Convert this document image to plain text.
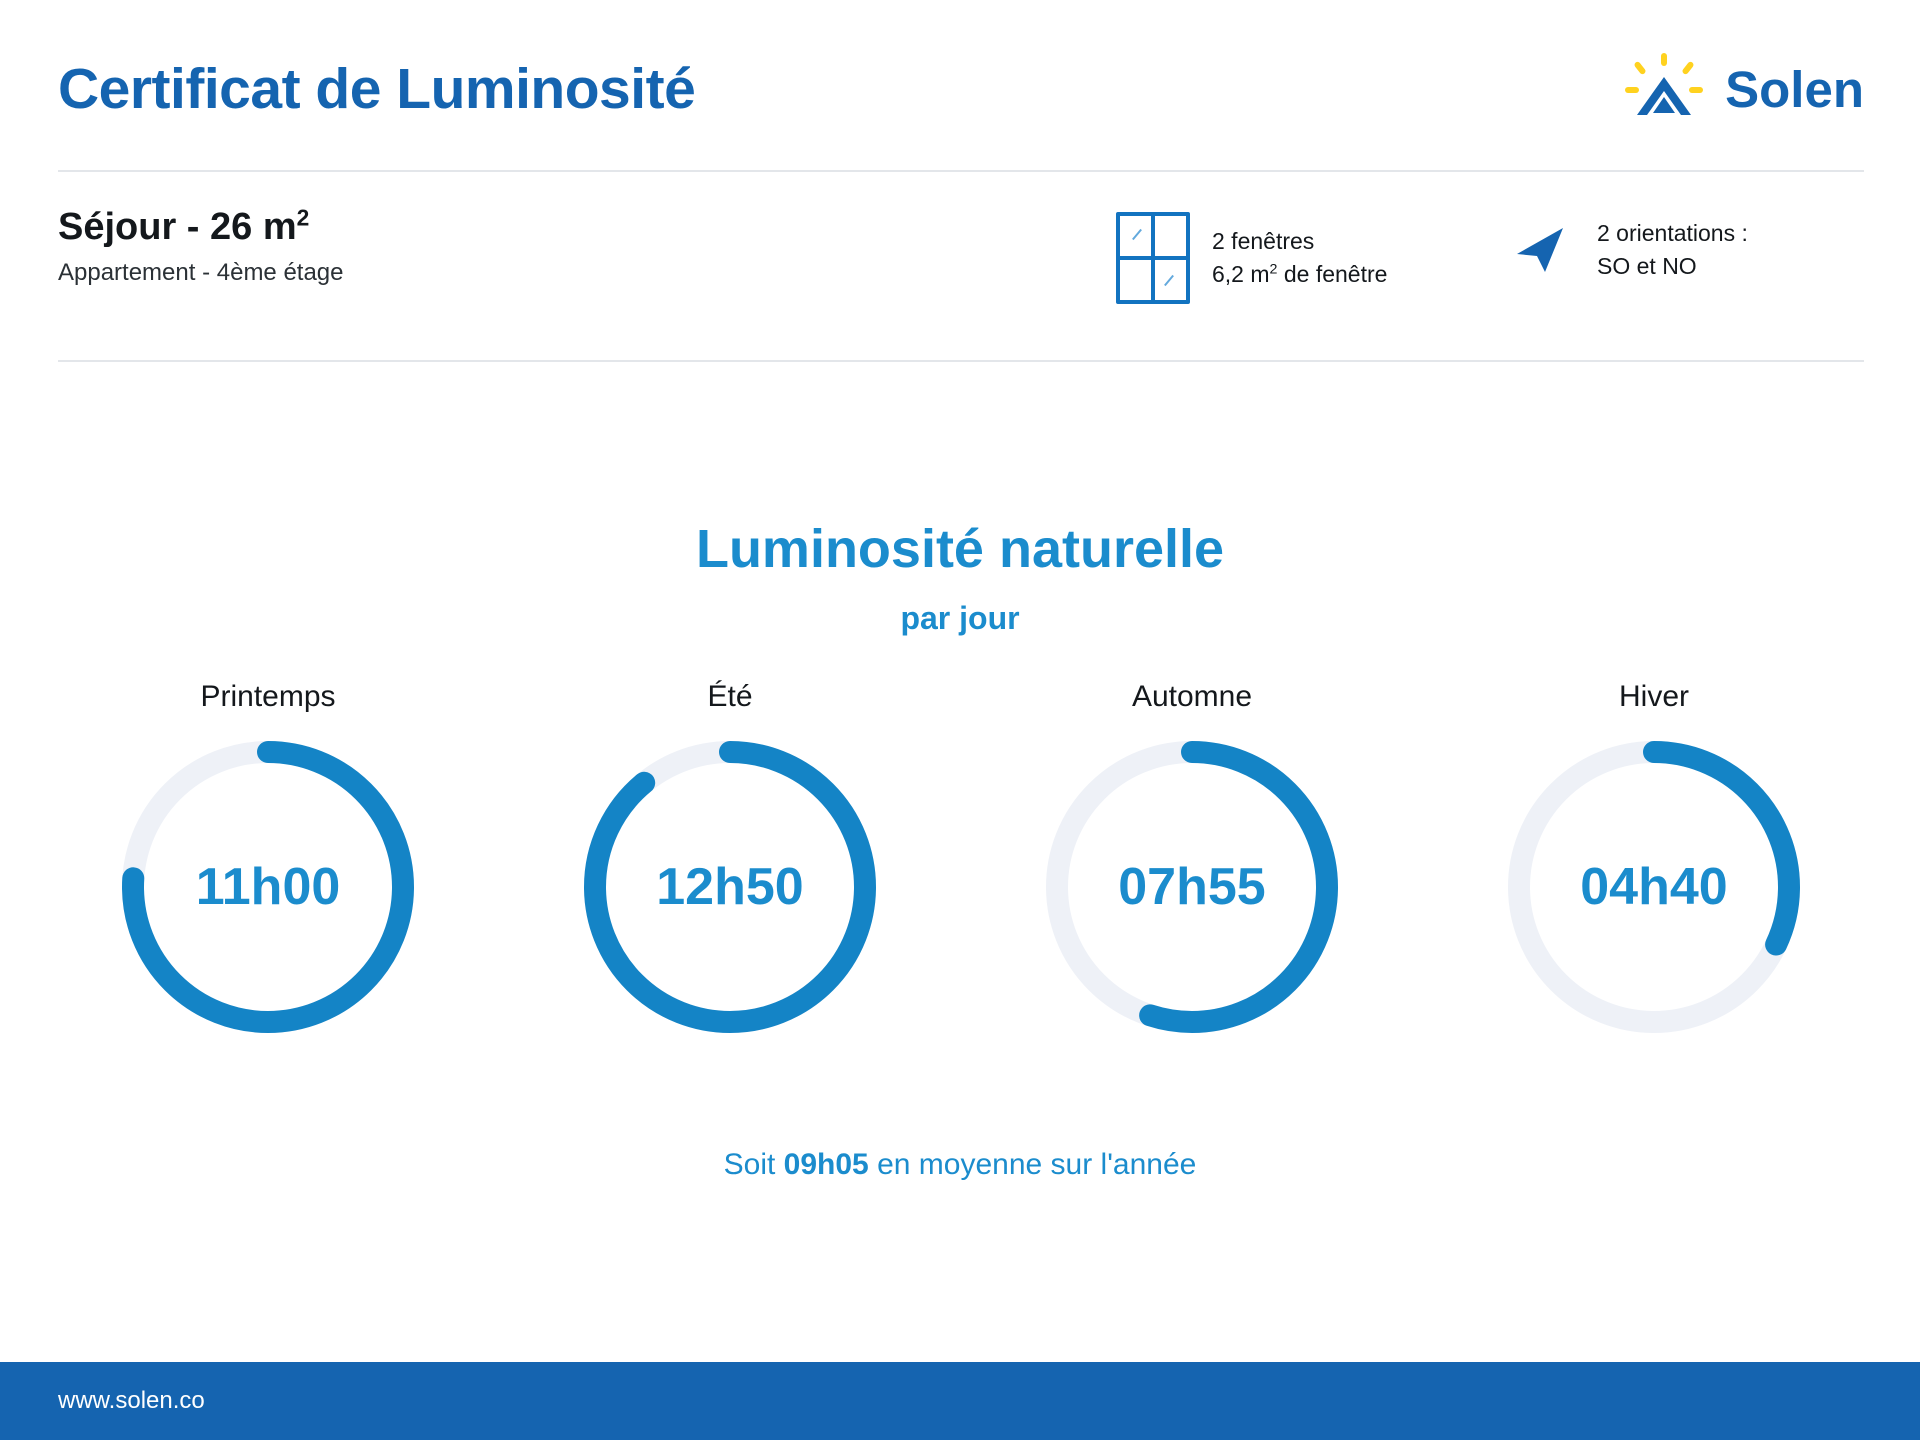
Certificat de Luminosité	Solen
Séjour - 26 $m^2$
Appartement - 4ème étage
2 fenêtres
6,2 $m^2$ de fenêtre
2 orientations :
SO et NO
Luminosité naturelle
par jour
Printemps
11h00
Été
12h50
Automne
07h55
Hiver
04h40
Soit 09h05 en moyenne sur l'année
www.solen.co
